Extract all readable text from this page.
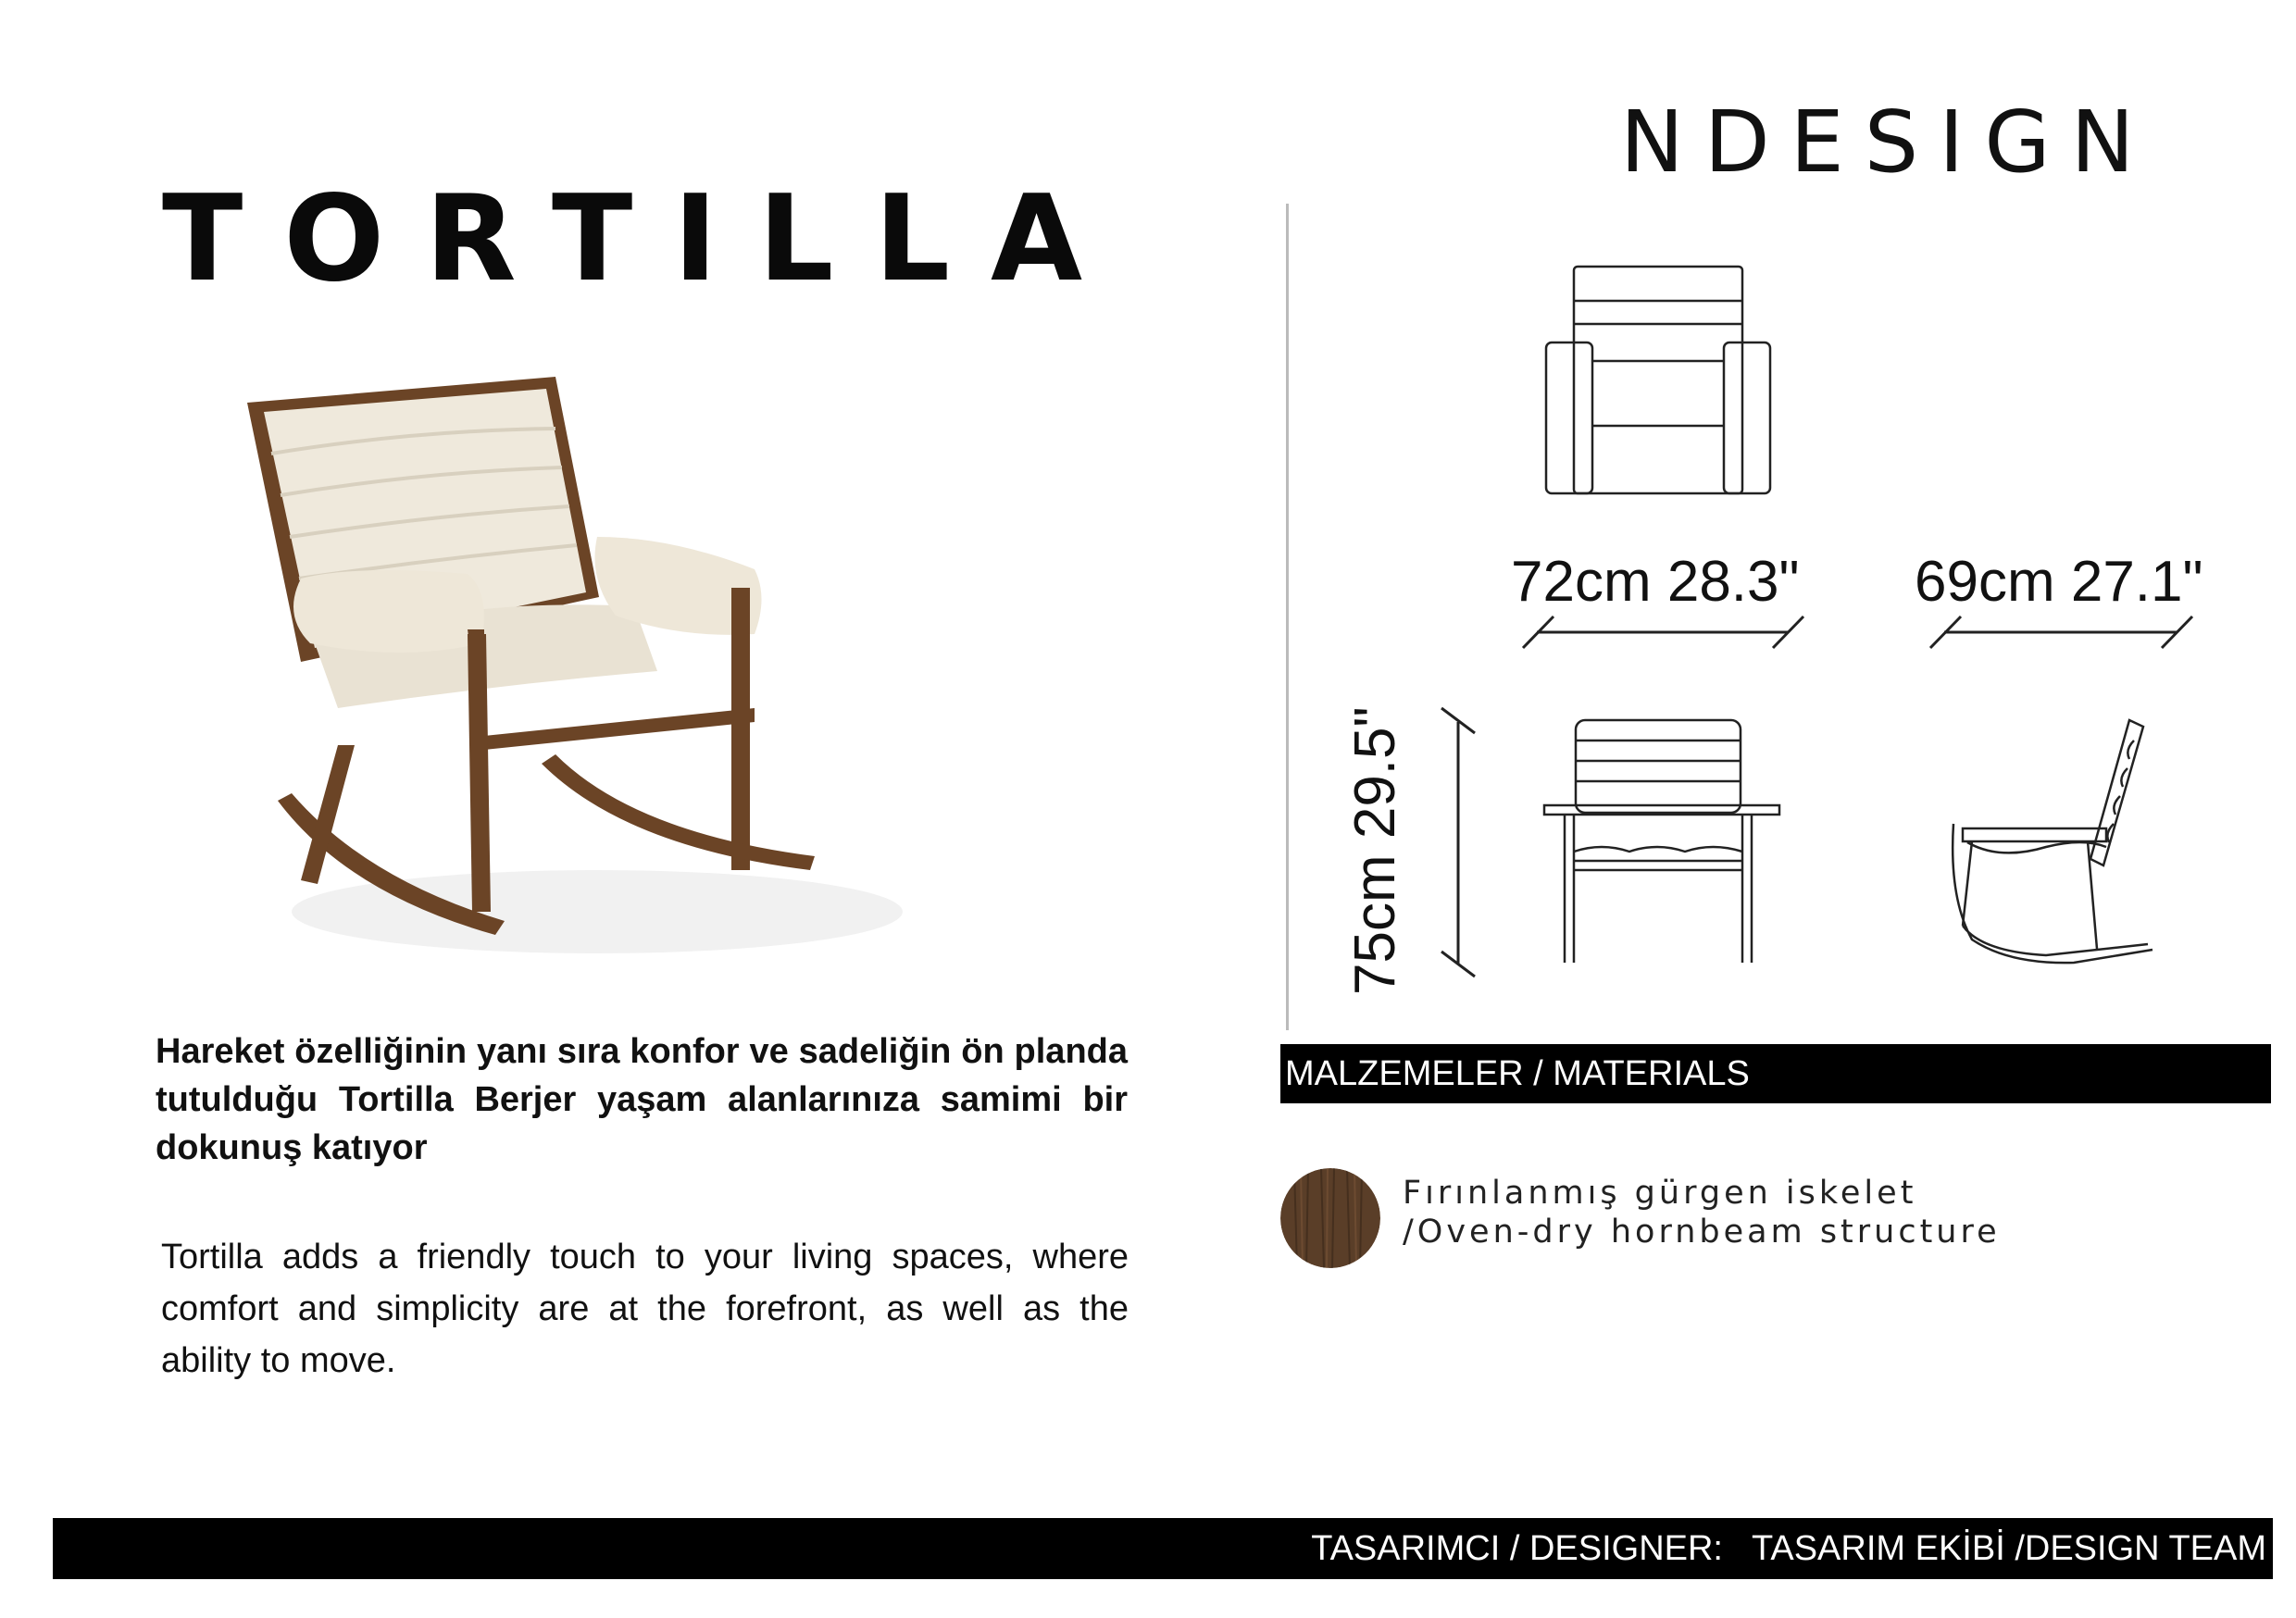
NDESIGN
TORTILLA
Hareket özelliğinin yanı sıra konfor ve sadeliğin ön planda tutulduğu Tortilla Berjer yaşam alanlarınıza samimi bir dokunuş katıyor
Tortilla adds a friendly touch to your living spaces, where comfort and simplicity are at the forefront, as well as the ability to move.
72cm 28.3" 69cm 27.1"
75cm 29.5"
MALZEMELER / MATERIALS
Fırınlanmış gürgen iskelet
/Oven-dry hornbeam structure
TASARIMCI / DESIGNER:   TASARIM EKİBİ /DESIGN TEAM
